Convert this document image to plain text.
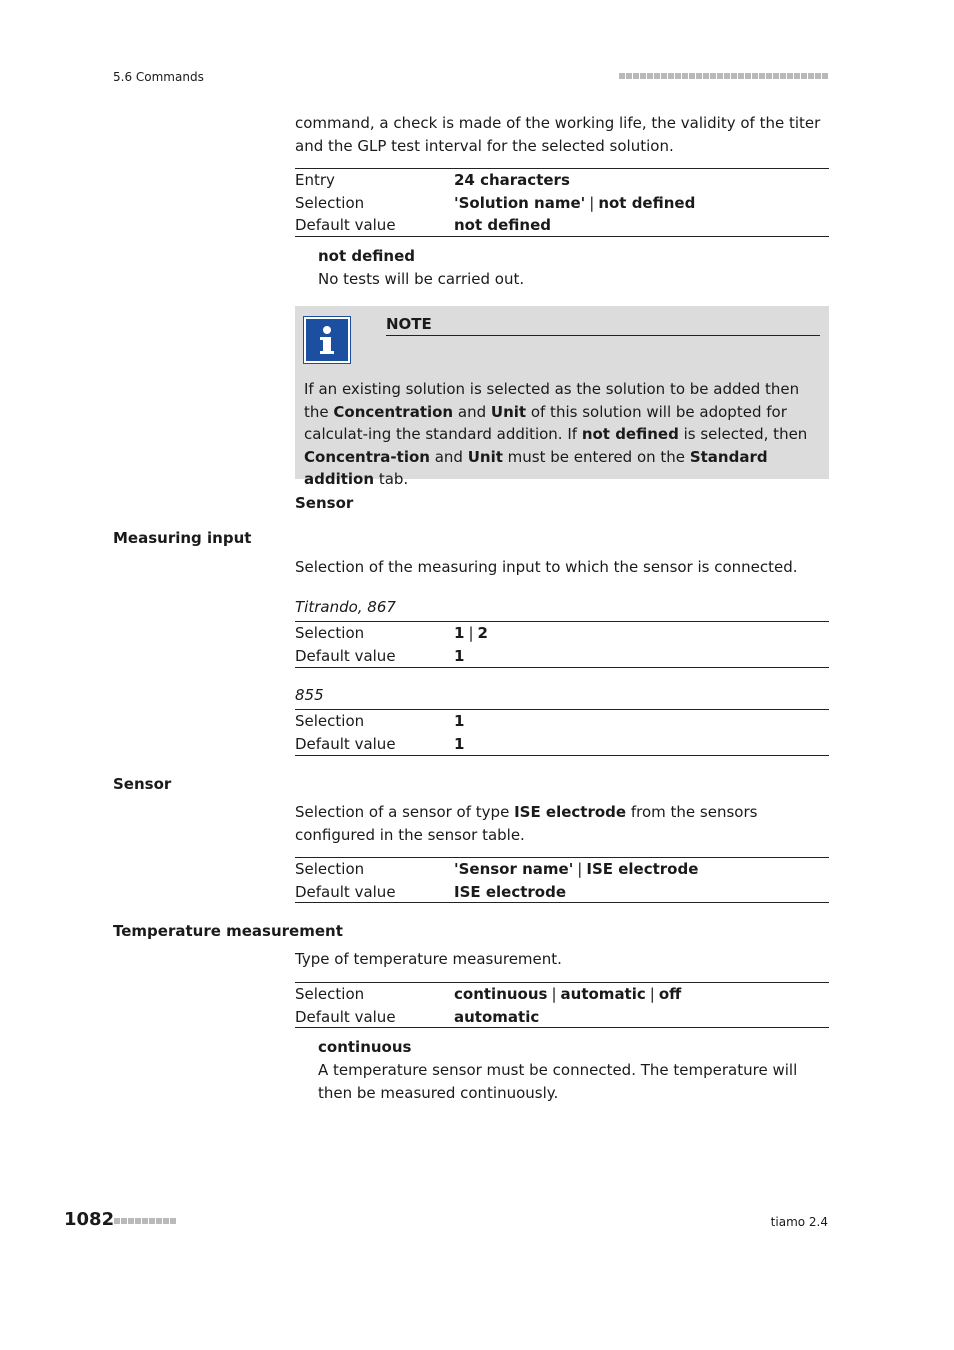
5.6 Commands
command, a check is made of the working life, the validity of the titer and the GLP test interval for the selected solution.
Entry	24 characters
Selection	'Solution name' | not defined
Default value	not defined
not defined
No tests will be carried out.
NOTE
If an existing solution is selected as the solution to be added then the Concentration and Unit of this solution will be adopted for calculat-ing the standard addition. If not defined is selected, then Concentra-tion and Unit must be entered on the Standard addition tab.
Sensor
Measuring input
Selection of the measuring input to which the sensor is connected.
Titrando, 867
Selection	1 | 2
Default value	1
855
Selection	1
Default value	1
Sensor
Selection of a sensor of type ISE electrode from the sensors configured in the sensor table.
Selection	'Sensor name' | ISE electrode
Default value	ISE electrode
Temperature measurement
Type of temperature measurement.
Selection	continuous | automatic | off
Default value	automatic
continuous
A temperature sensor must be connected. The temperature will then be measured continuously.
1082	tiamo 2.4
